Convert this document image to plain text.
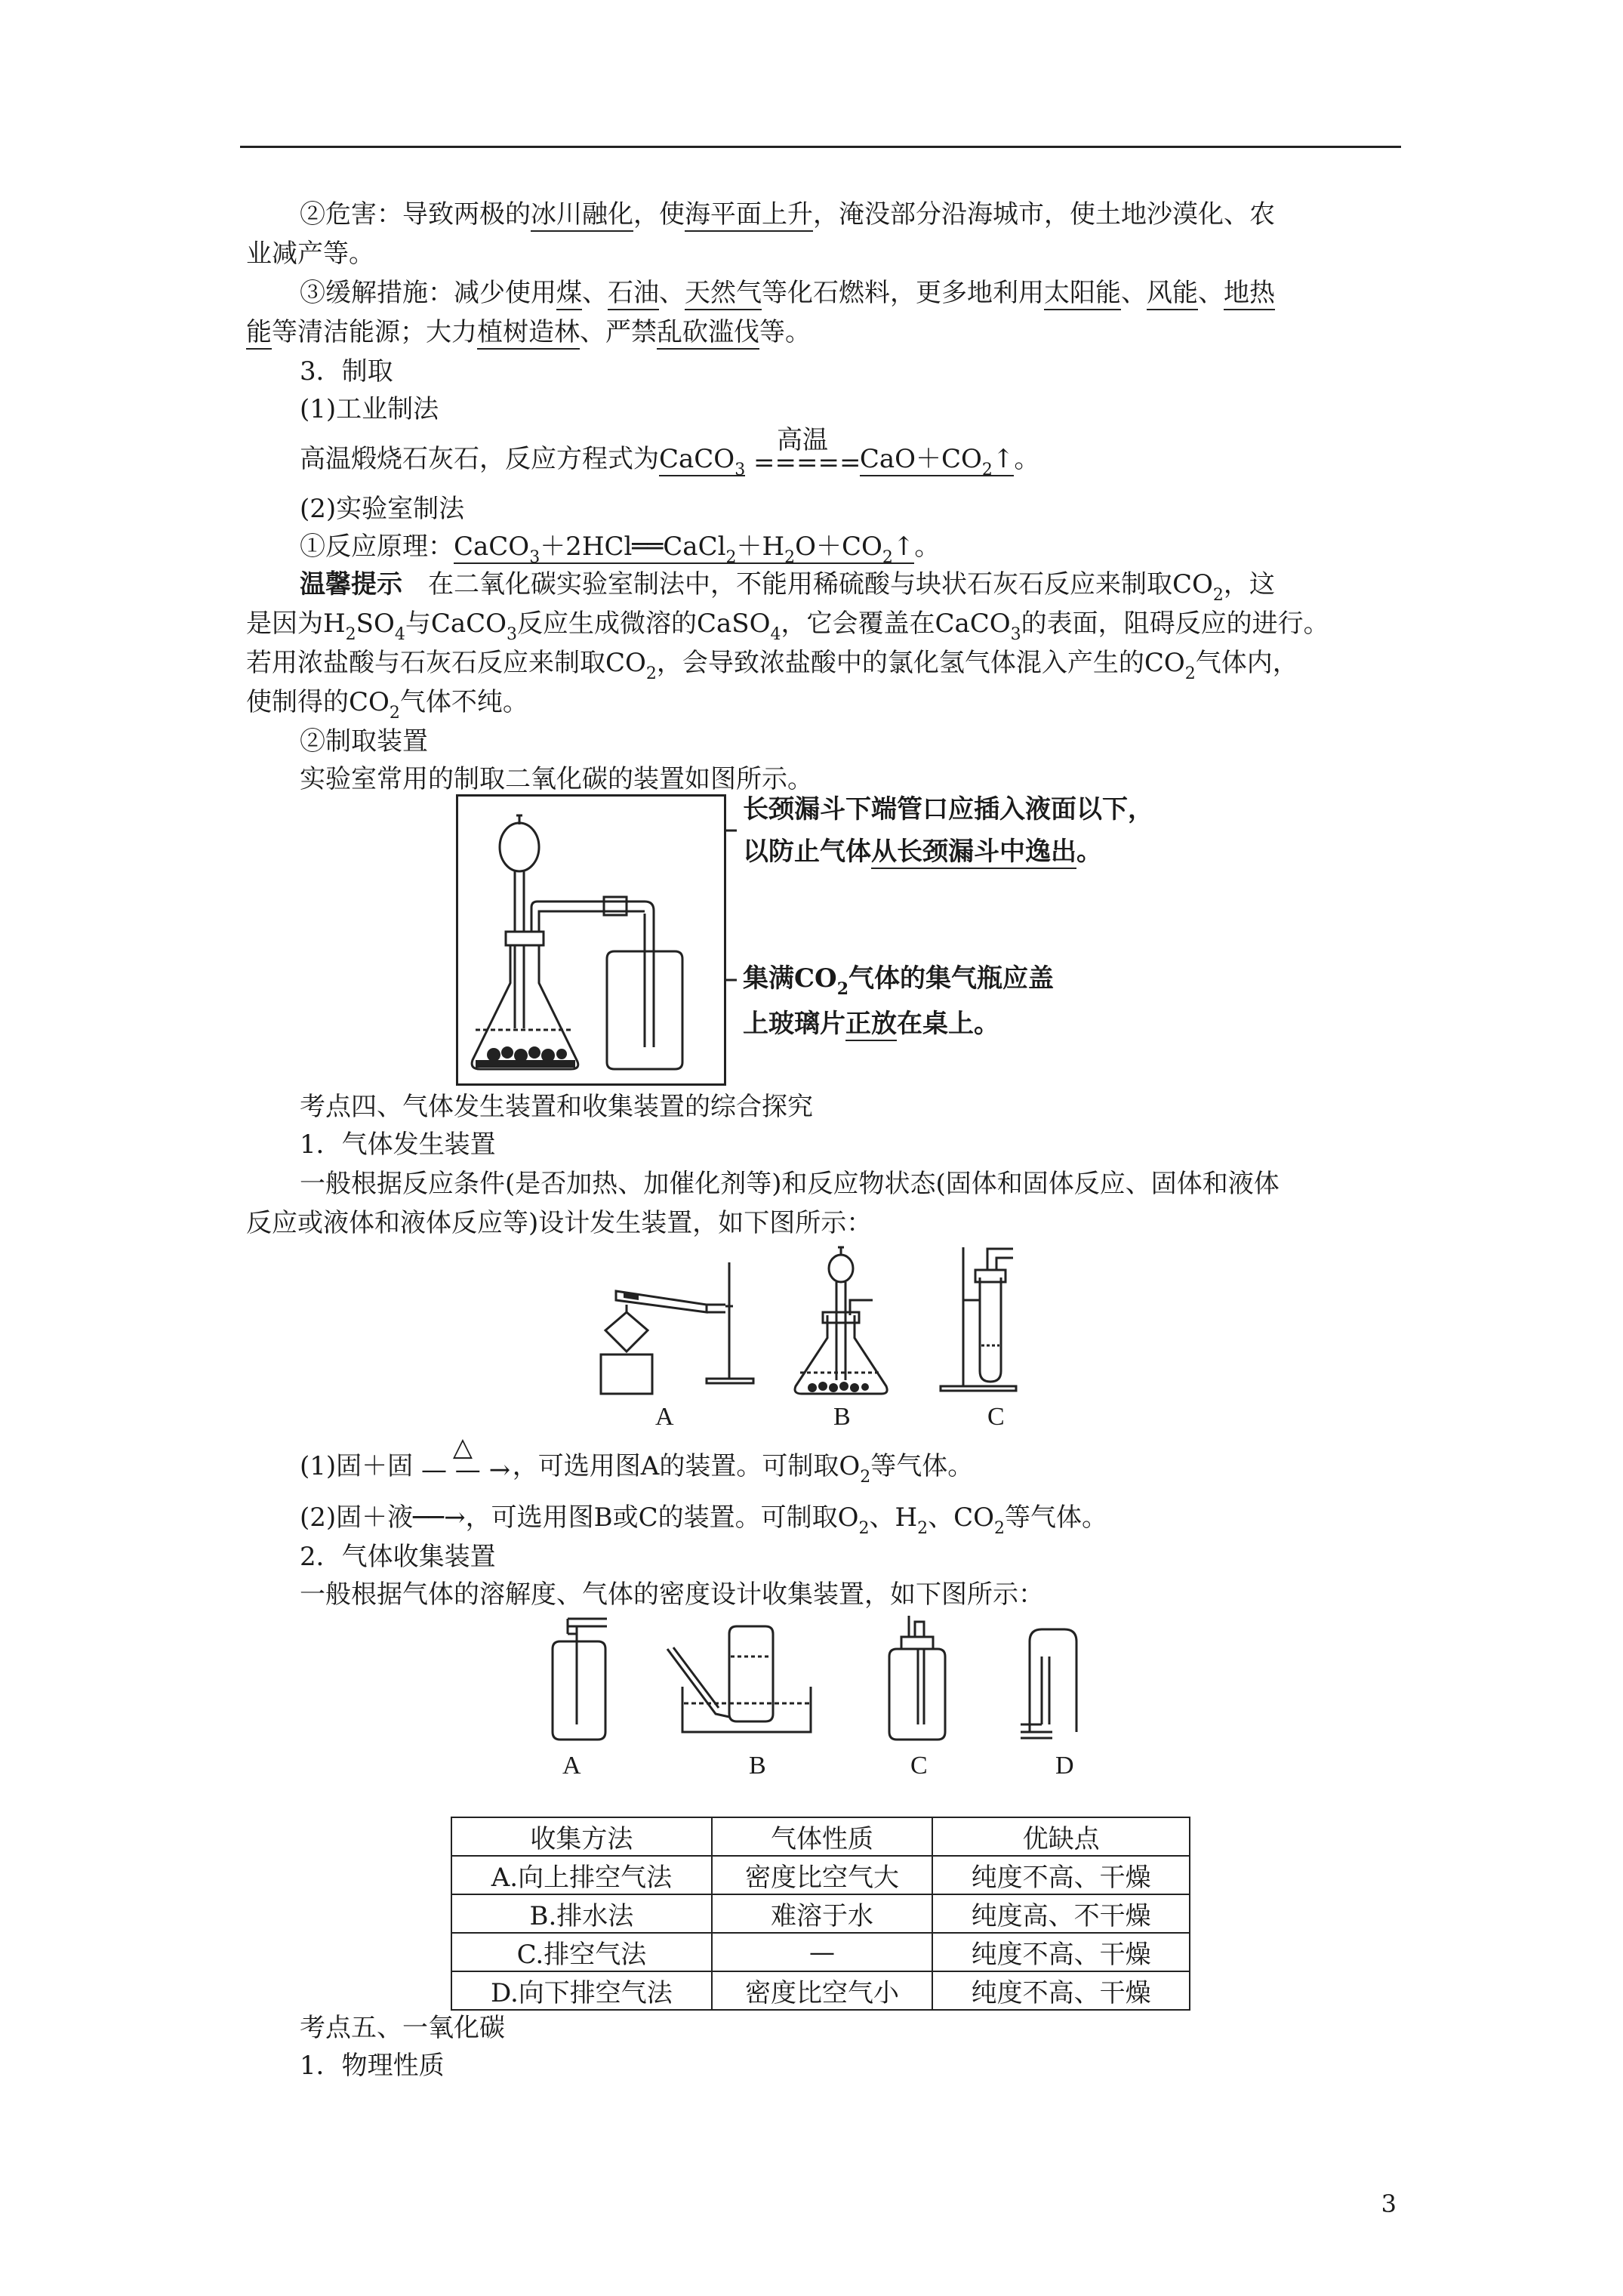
②危害：导致两极的冰川融化，使海平面上升，淹没部分沿海城市，使土地沙漠化、农
业减产等。
③缓解措施：减少使用煤、石油、天然气等化石燃料，更多地利用太阳能、风能、地热
能等清洁能源；大力植树造林、严禁乱砍滥伐等。
3．制取
(1)工业制法
高温煅烧石灰石，反应方程式为CaCO$_3$
高温
===== $CaO+CO_2↑$。
(2)实验室制法
①反应原理：$CaCO_3+2HCl══CaCl_2+H_2O+CO_2↑$。
温馨提示　在二氧化碳实验室制法中，不能用稀硫酸与块状石灰石反应来制取$CO_2$，这
是因为$H_2SO_4$与CaCO$_3$反应生成微溶的CaSO$_4$，它会覆盖在CaCO$_3$的表面，阻碍反应的进行。
若用浓盐酸与石灰石反应来制取$CO_2$，会导致浓盐酸中的氯化氢气体混入产生的$CO_2$气体内，
使制得的$CO_2$气体不纯。
②制取装置
实验室常用的制取二氧化碳的装置如图所示。
长颈漏斗下端管口应插入液面以下，
以防止气体从长颈漏斗中逸出。
集满$CO_2$气体的集气瓶应盖
上玻璃片正放在桌上。
考点四、气体发生装置和收集装置的综合探究
1．气体发生装置
一般根据反应条件(是否加热、加催化剂等)和反应物状态(固体和固体反应、固体和液体
反应或液体和液体反应等)设计发生装置，如下图所示：
A	B	C
(1)固＋固
△
— — → ，可选用图A的装置。可制取$O_2$等气体。
(2)固＋液──→，可选用图B或C的装置。可制取$O_2$、$H_2$、$CO_2$等气体。
2．气体收集装置
一般根据气体的溶解度、气体的密度设计收集装置，如下图所示：
A	B	C	D
收集方法	气体性质	优缺点
A.向上排空气法	密度比空气大	纯度不高、干燥
B.排水法	难溶于水	纯度高、不干燥
C.排空气法	—	纯度不高、干燥
D.向下排空气法	密度比空气小	纯度不高、干燥
考点五、一氧化碳
1．物理性质
3
